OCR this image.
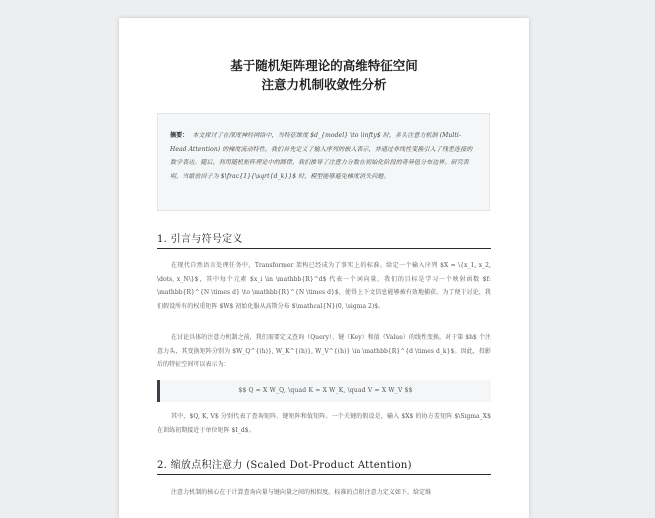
基于随机矩阵理论的高维特征空间
注意力机制收敛性分析
摘要： 本文探讨了在深度神经网络中，当特征维度 $d_{model} \to \infty$ 时，多头注意力机制 (Multi-Head Attention) 的梯度流动特性。我们首先定义了输入序列的嵌入表示，并通过非线性变换引入了残差连接的数学表达。随后，利用随机矩阵理论中的圆律，我们推导了注意力分数在初始化阶段的奇异值分布边界。研究表明，当缩放因子为 $\frac{1}{\sqrt{d_k}}$ 时，模型能够避免梯度消失问题。
1. 引言与符号定义
在现代自然语言处理任务中，Transformer 架构已经成为了事实上的标准。给定一个输入序列 $X = \{x_1, x_2, \dots, x_N\}$，其中每个元素 $x_i \in \mathbb{R}^d$ 代表一个词向量。我们的目标是学习一个映射函数 $f: \mathbb{R}^{N \times d} \to \mathbb{R}^{N \times d}$，使得上下文信息能够被有效地捕获。为了便于讨论，我们假设所有的权重矩阵 $W$ 初始化服从高斯分布 $\mathcal{N}(0, \sigma 2)$。
在讨论具体的注意力机制之前，我们需要定义查询（Query）、键（Key）和值（Value）的线性变换。对于第 $h$ 个注意力头，其变换矩阵分别为 $W_Q^{(h)}, W_K^{(h)}, W_V^{(h)} \in \mathbb{R}^{d \times d_k}$。因此，投影后的特征空间可以表示为：
$$ Q = X W_Q, \quad K = X W_K, \quad V = X W_V $$
其中，$Q, K, V$ 分别代表了查询矩阵、键矩阵和值矩阵。一个关键的假设是，输入 $X$ 的协方差矩阵 $\Sigma_X$ 在训练初期接近于单位矩阵 $I_d$。
2. 缩放点积注意力 (Scaled Dot-Product Attention)
注意力机制的核心在于计算查询向量与键向量之间的相似度。标准的点积注意力定义如下。给定维
